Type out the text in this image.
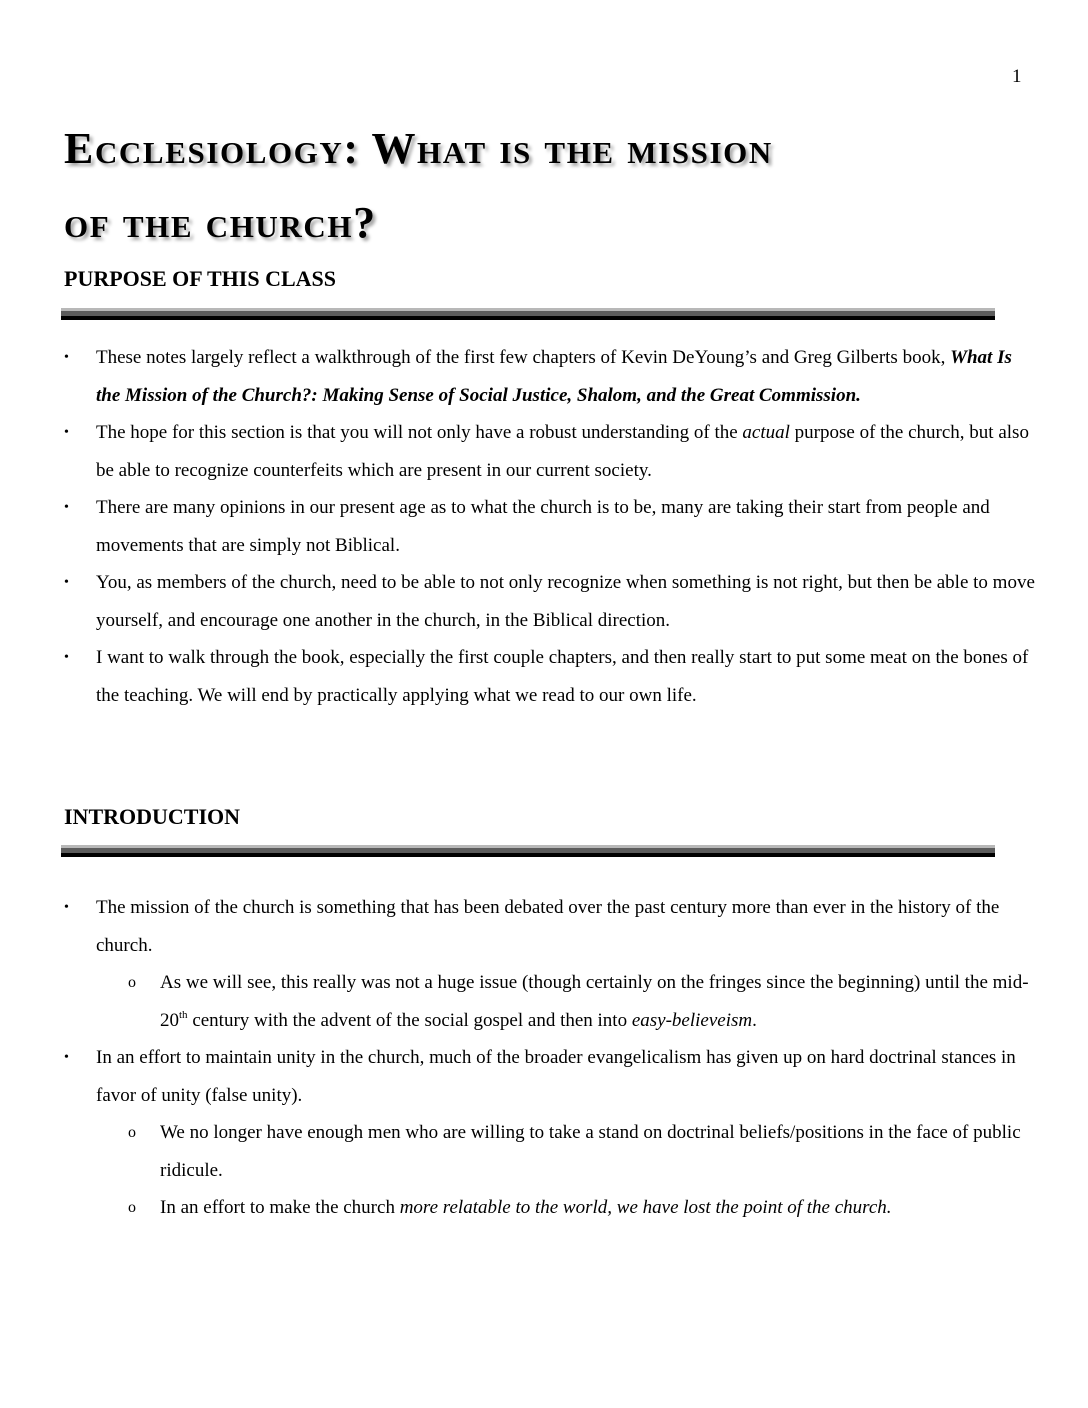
1
Ecclesiology: What is the mission
of the church?
PURPOSE OF THIS CLASS
• These notes largely reflect a walkthrough of the first few chapters of Kevin DeYoung’s and Greg Gilberts book, What Is the Mission of the Church?: Making Sense of Social Justice, Shalom, and the Great Commission.
• The hope for this section is that you will not only have a robust understanding of the actual purpose of the church, but also be able to recognize counterfeits which are present in our current society.
• There are many opinions in our present age as to what the church is to be, many are taking their start from people and movements that are simply not Biblical.
• You, as members of the church, need to be able to not only recognize when something is not right, but then be able to move yourself, and encourage one another in the church, in the Biblical direction.
• I want to walk through the book, especially the first couple chapters, and then really start to put some meat on the bones of the teaching. We will end by practically applying what we read to our own life.
INTRODUCTION
• The mission of the church is something that has been debated over the past century more than ever in the history of the church.
o As we will see, this really was not a huge issue (though certainly on the fringes since the beginning) until the mid-20th century with the advent of the social gospel and then into easy-believeism.
• In an effort to maintain unity in the church, much of the broader evangelicalism has given up on hard doctrinal stances in favor of unity (false unity).
o We no longer have enough men who are willing to take a stand on doctrinal beliefs/positions in the face of public ridicule.
o In an effort to make the church more relatable to the world, we have lost the point of the church.
